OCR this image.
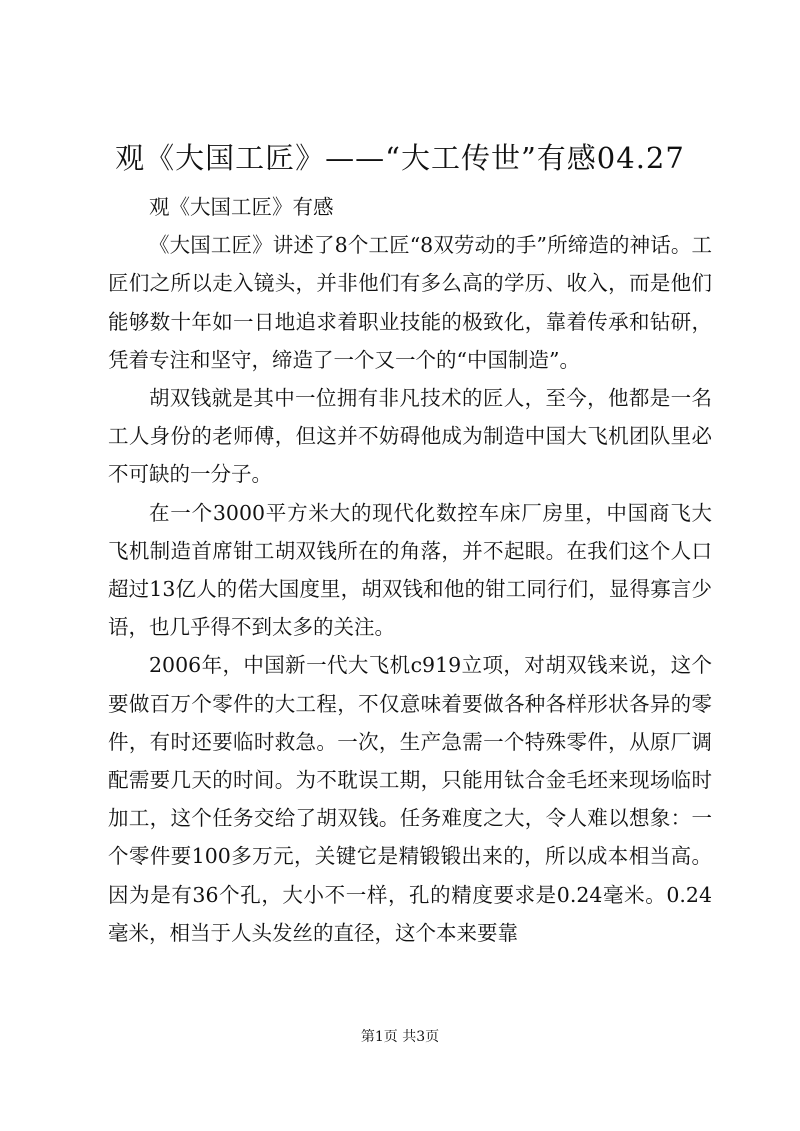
观《大国工匠》——“大工传世”有感04.27

观《大国工匠》有感

《大国工匠》讲述了8个工匠“8双劳动的手”所缔造的神话。工匠们之所以走入镜头，并非他们有多么高的学历、收入，而是他们能够数十年如一日地追求着职业技能的极致化，靠着传承和钻研，凭着专注和坚守，缔造了一个又一个的“中国制造”。

胡双钱就是其中一位拥有非凡技术的匠人，至今，他都是一名工人身份的老师傅，但这并不妨碍他成为制造中国大飞机团队里必不可缺的一分子。

在一个3000平方米大的现代化数控车床厂房里，中国商飞大飞机制造首席钳工胡双钱所在的角落，并不起眼。在我们这个人口超过13亿人的偌大国度里，胡双钱和他的钳工同行们，显得寡言少语，也几乎得不到太多的关注。

2006年，中国新一代大飞机c919立项，对胡双钱来说，这个要做百万个零件的大工程，不仅意味着要做各种各样形状各异的零件，有时还要临时救急。一次，生产急需一个特殊零件，从原厂调配需要几天的时间。为不耽误工期，只能用钛合金毛坯来现场临时加工，这个任务交给了胡双钱。任务难度之大，令人难以想象：一个零件要100多万元，关键它是精锻锻出来的，所以成本相当高。因为是有36个孔，大小不一样，孔的精度要求是0.24毫米。0.24毫米，相当于人头发丝的直径，这个本来要靠

第1页 共3页
